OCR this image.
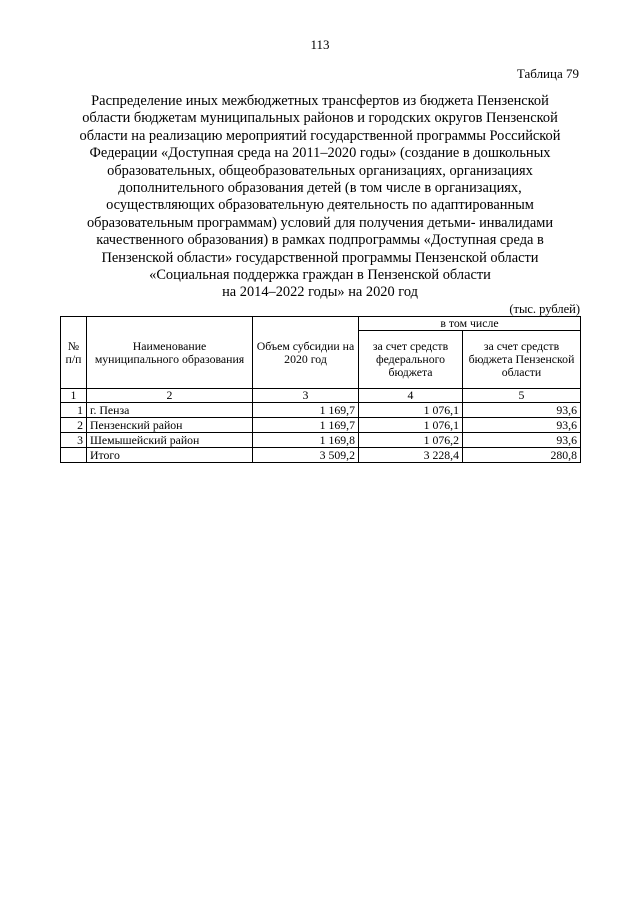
113
Таблица 79
Распределение иных межбюджетных трансфертов из бюджета Пензенской
области бюджетам муниципальных районов и городских округов Пензенской
области на реализацию мероприятий государственной программы Российской
Федерации «Доступная среда на 2011–2020 годы» (создание в дошкольных
образовательных, общеобразовательных организациях, организациях
дополнительного образования детей (в том числе в организациях,
осуществляющих образовательную деятельность по адаптированным
образовательным программам) условий для получения детьми- инвалидами
качественного образования) в рамках подпрограммы «Доступная среда в
Пензенской области» государственной программы Пензенской области
«Социальная поддержка граждан в Пензенской области
на 2014–2022 годы» на 2020 год
(тыс. рублей)
№ п/п	Наименование муниципального образования	Объем субсидии на 2020 год	в том числе	
			за счет средств федерального бюджета	за счет средств бюджета Пензенской области
1	2	3	4	5
1	г. Пенза	1 169,7	1 076,1	93,6
2	Пензенский район	1 169,7	1 076,1	93,6
3	Шемышейский район	1 169,8	1 076,2	93,6
	Итого	3 509,2	3 228,4	280,8
